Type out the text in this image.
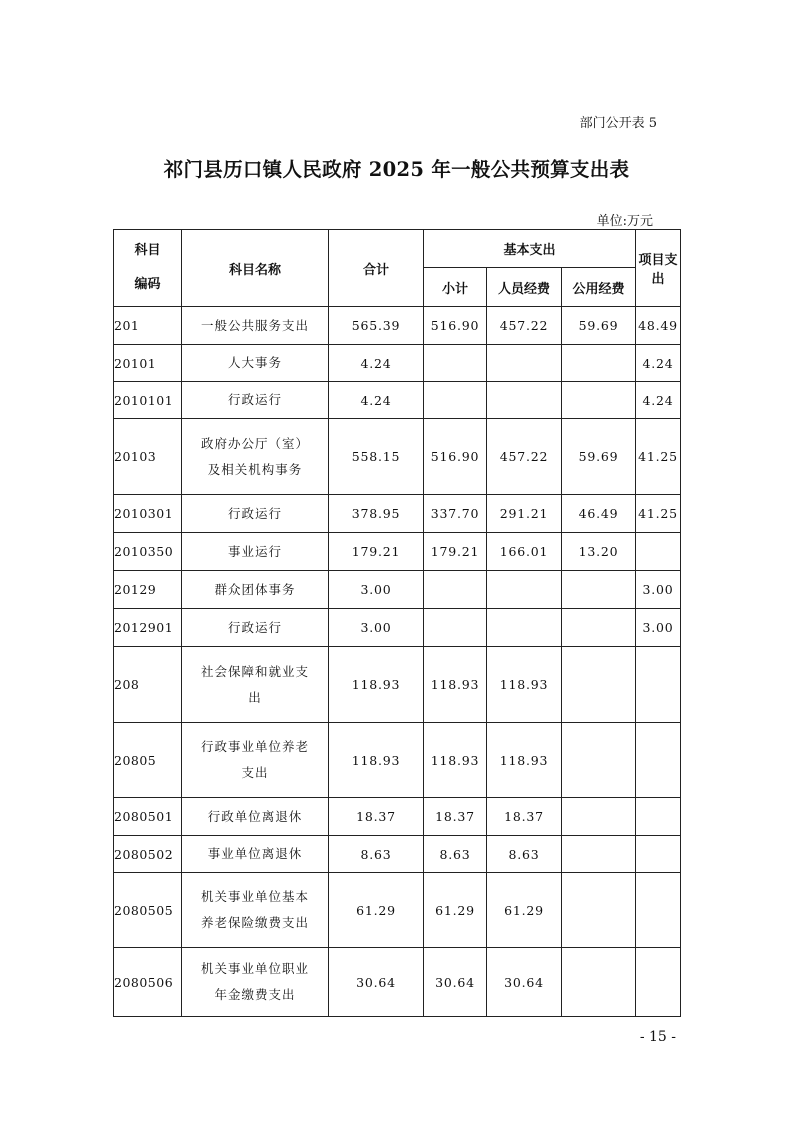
部门公开表 5
祁门县历口镇人民政府 2025 年一般公共预算支出表
单位:万元
科目
编码	科目名称	合计	基本支出			项目支出
			小计	人员经费	公用经费	
201	一般公共服务支出	565.39	516.90	457.22	59.69	48.49
20101	人大事务	4.24				4.24
2010101	行政运行	4.24				4.24
20103	政府办公厅（室）及相关机构事务	558.15	516.90	457.22	59.69	41.25
2010301	行政运行	378.95	337.70	291.21	46.49	41.25
2010350	事业运行	179.21	179.21	166.01	13.20	
20129	群众团体事务	3.00				3.00
2012901	行政运行	3.00				3.00
208	社会保障和就业支出	118.93	118.93	118.93		
20805	行政事业单位养老支出	118.93	118.93	118.93		
2080501	行政单位离退休	18.37	18.37	18.37		
2080502	事业单位离退休	8.63	8.63	8.63		
2080505	机关事业单位基本养老保险缴费支出	61.29	61.29	61.29		
2080506	机关事业单位职业年金缴费支出	30.64	30.64	30.64		
- 15 -
